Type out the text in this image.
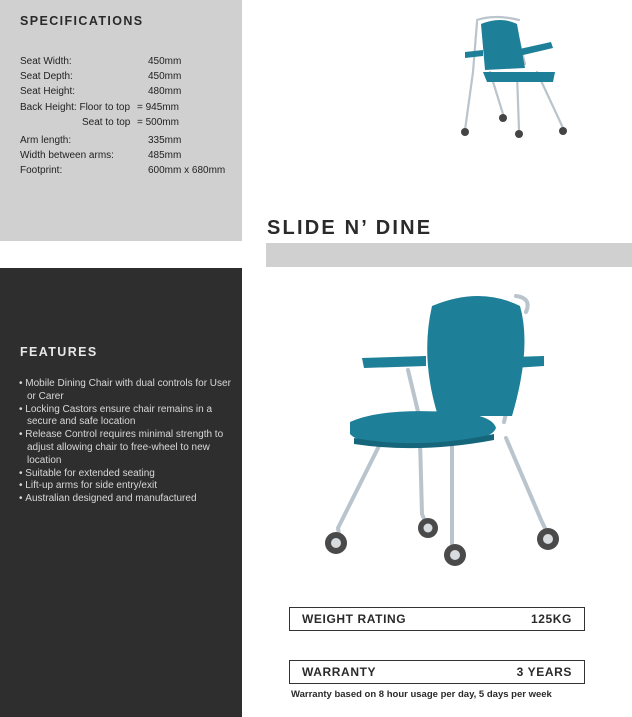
SPECIFICATIONS
Seat Width:	450mm
Seat Depth:	450mm
Seat Height:	480mm
Back Height: Floor to top = 945mm
Seat to top = 500mm
Arm length:	335mm
Width between arms:	485mm
Footprint:	600mm x 680mm
FEATURES
• Mobile Dining Chair with dual controls for User or Carer
• Locking Castors ensure chair remains in a secure and safe location
• Release Control requires minimal strength to adjust allowing chair to free-wheel to new location
• Suitable for extended seating
• Lift-up arms for side entry/exit
• Australian designed and manufactured
SLIDE N’ DINE
WEIGHT RATING	125KG
WARRANTY	3 YEARS
Warranty based on 8 hour usage per day, 5 days per week
